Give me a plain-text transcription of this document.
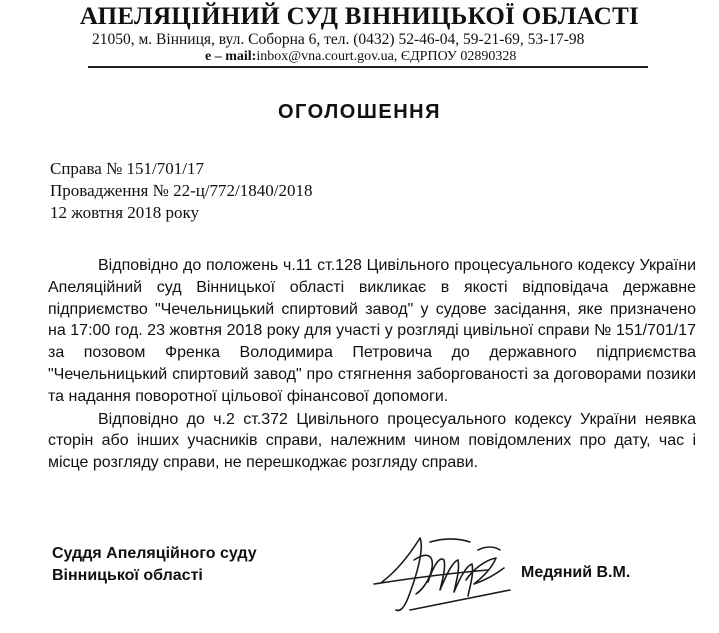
АПЕЛЯЦІЙНИЙ СУД ВІННИЦЬКОЇ ОБЛАСТІ
21050, м. Вінниця, вул. Соборна 6, тел. (0432) 52-46-04, 59-21-69, 53-17-98
е – mail:inbox@vna.court.gov.ua, ЄДРПОУ 02890328
ОГОЛОШЕННЯ
Справа № 151/701/17
Провадження № 22-ц/772/1840/2018
12 жовтня 2018 року

Відповідно до положень ч.11 ст.128 Цивільного процесуального кодексу України Апеляційний суд Вінницької області викликає в якості відповідача державне підприємство "Чечельницький спиртовий завод" у судове засідання, яке призначено на 17:00 год. 23 жовтня 2018 року для участі у розгляді цивільної справи № 151/701/17 за позовом Френка Володимира Петровича до державного підприємства "Чечельницький спиртовий завод" про стягнення заборгованості за договорами позики та надання поворотної цільової фінансової допомоги.

Відповідно до ч.2 ст.372 Цивільного процесуального кодексу України неявка сторін або інших учасників справи, належним чином повідомлених про дату, час і місце розгляду справи, не перешкоджає розгляду справи.

Суддя Апеляційного суду
Вінницької області	Медяний В.М.
